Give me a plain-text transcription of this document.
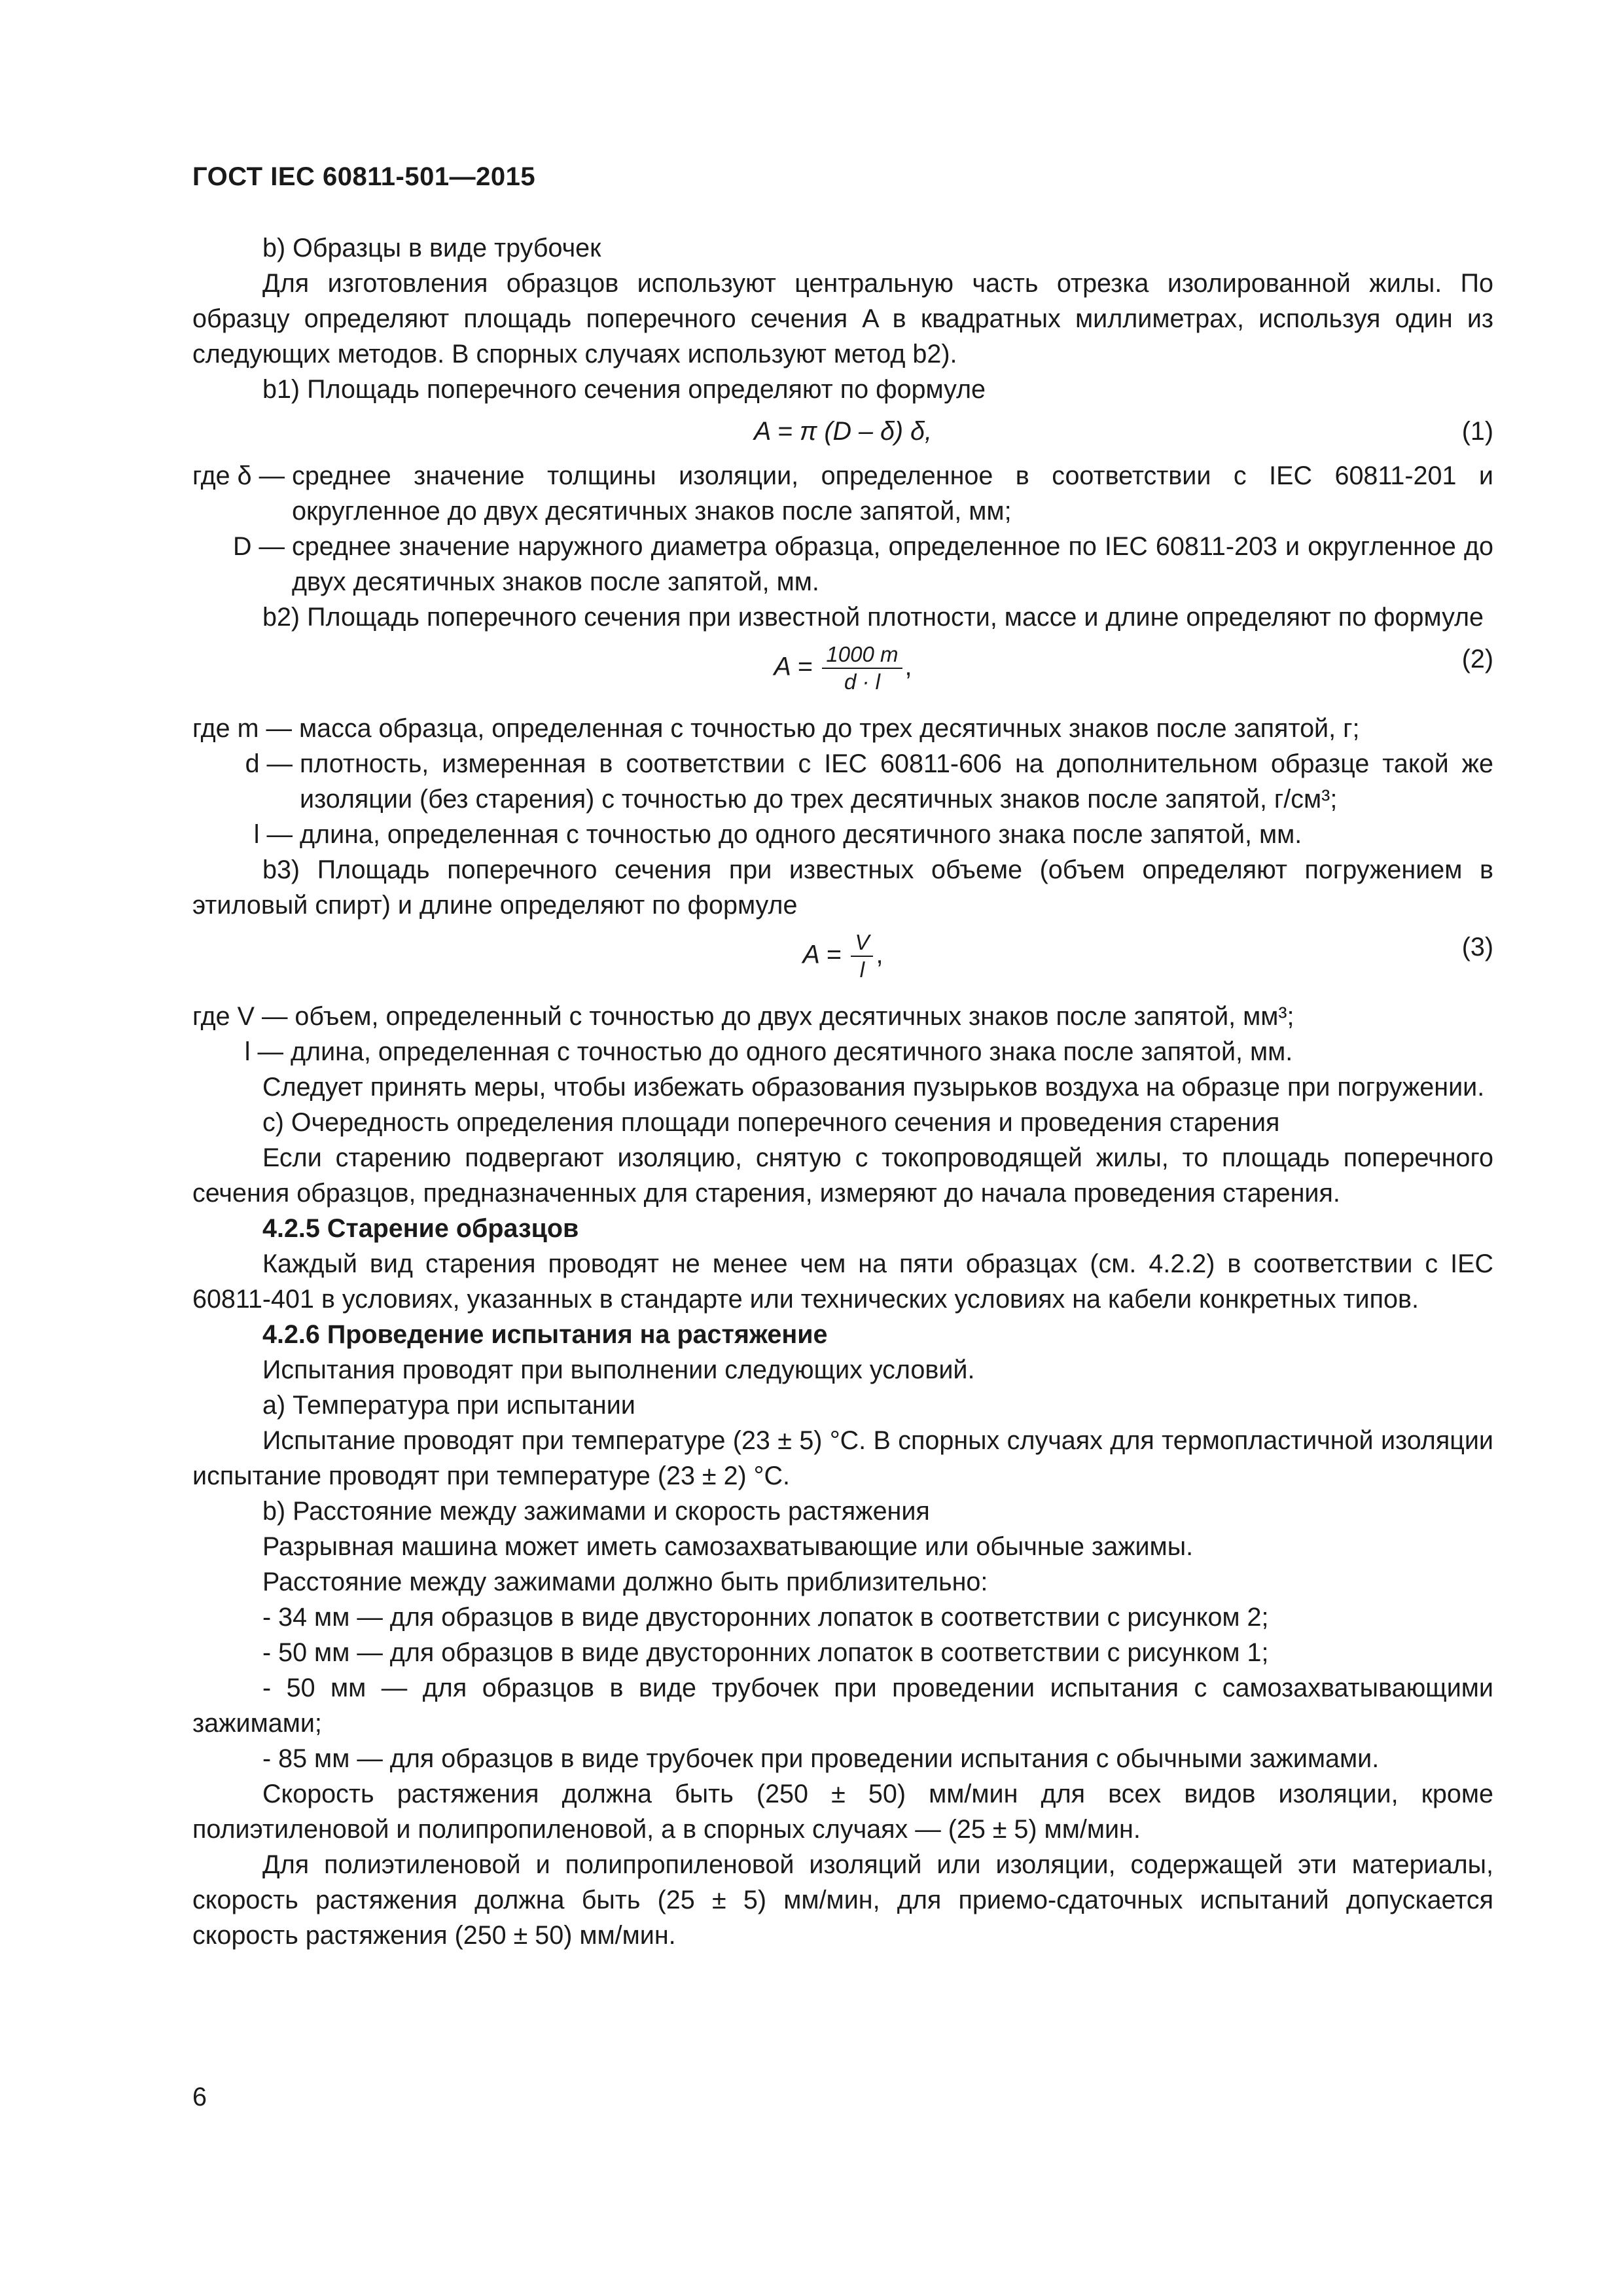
ГОСТ IEC 60811-501—2015

b) Образцы в виде трубочек

Для изготовления образцов используют центральную часть отрезка изолированной жилы. По образцу определяют площадь поперечного сечения A в квадратных миллиметрах, используя один из следующих методов. В спорных случаях используют метод b2).

b1) Площадь поперечного сечения определяют по формуле

A = π (D – δ) δ,	(1)
где δ — среднее значение толщины изоляции, определенное в соответствии с IEC 60811-201 и округленное до двух десятичных знаков после запятой, мм;
D — среднее значение наружного диаметра образца, определенное по IEC 60811-203 и округленное до двух десятичных знаков после запятой, мм.

b2) Площадь поперечного сечения при известной плотности, массе и длине определяют по формуле

$A = \frac{1000 m}{d \cdot l}$ ,	(2)
где m — масса образца, определенная с точностью до трех десятичных знаков после запятой, г;
d — плотность, измеренная в соответствии с IEC 60811-606 на дополнительном образце такой же изоляции (без старения) с точностью до трех десятичных знаков после запятой, г/см³;
l — длина, определенная с точностью до одного десятичного знака после запятой, мм.

b3) Площадь поперечного сечения при известных объеме (объем определяют погружением в этиловый спирт) и длине определяют по формуле

$A = \frac{V}{l}$ ,	(3)
где V — объем, определенный с точностью до двух десятичных знаков после запятой, мм³;
l — длина, определенная с точностью до одного десятичного знака после запятой, мм.

Следует принять меры, чтобы избежать образования пузырьков воздуха на образце при погружении.

c) Очередность определения площади поперечного сечения и проведения старения

Если старению подвергают изоляцию, снятую с токопроводящей жилы, то площадь поперечного сечения образцов, предназначенных для старения, измеряют до начала проведения старения.

4.2.5 Старение образцов

Каждый вид старения проводят не менее чем на пяти образцах (см. 4.2.2) в соответствии с IEC 60811-401 в условиях, указанных в стандарте или технических условиях на кабели конкретных типов.

4.2.6 Проведение испытания на растяжение

Испытания проводят при выполнении следующих условий.

a) Температура при испытании

Испытание проводят при температуре (23 ± 5) °C. В спорных случаях для термопластичной изоляции испытание проводят при температуре (23 ± 2) °C.

b) Расстояние между зажимами и скорость растяжения

Разрывная машина может иметь самозахватывающие или обычные зажимы.

Расстояние между зажимами должно быть приблизительно:

- 34 мм — для образцов в виде двусторонних лопаток в соответствии с рисунком 2;

- 50 мм — для образцов в виде двусторонних лопаток в соответствии с рисунком 1;

- 50 мм — для образцов в виде трубочек при проведении испытания с самозахватывающими зажимами;

- 85 мм — для образцов в виде трубочек при проведении испытания с обычными зажимами.

Скорость растяжения должна быть (250 ± 50) мм/мин для всех видов изоляции, кроме полиэтиленовой и полипропиленовой, а в спорных случаях — (25 ± 5) мм/мин.

Для полиэтиленовой и полипропиленовой изоляций или изоляции, содержащей эти материалы, скорость растяжения должна быть (25 ± 5) мм/мин, для приемо-сдаточных испытаний допускается скорость растяжения (250 ± 50) мм/мин.

6
